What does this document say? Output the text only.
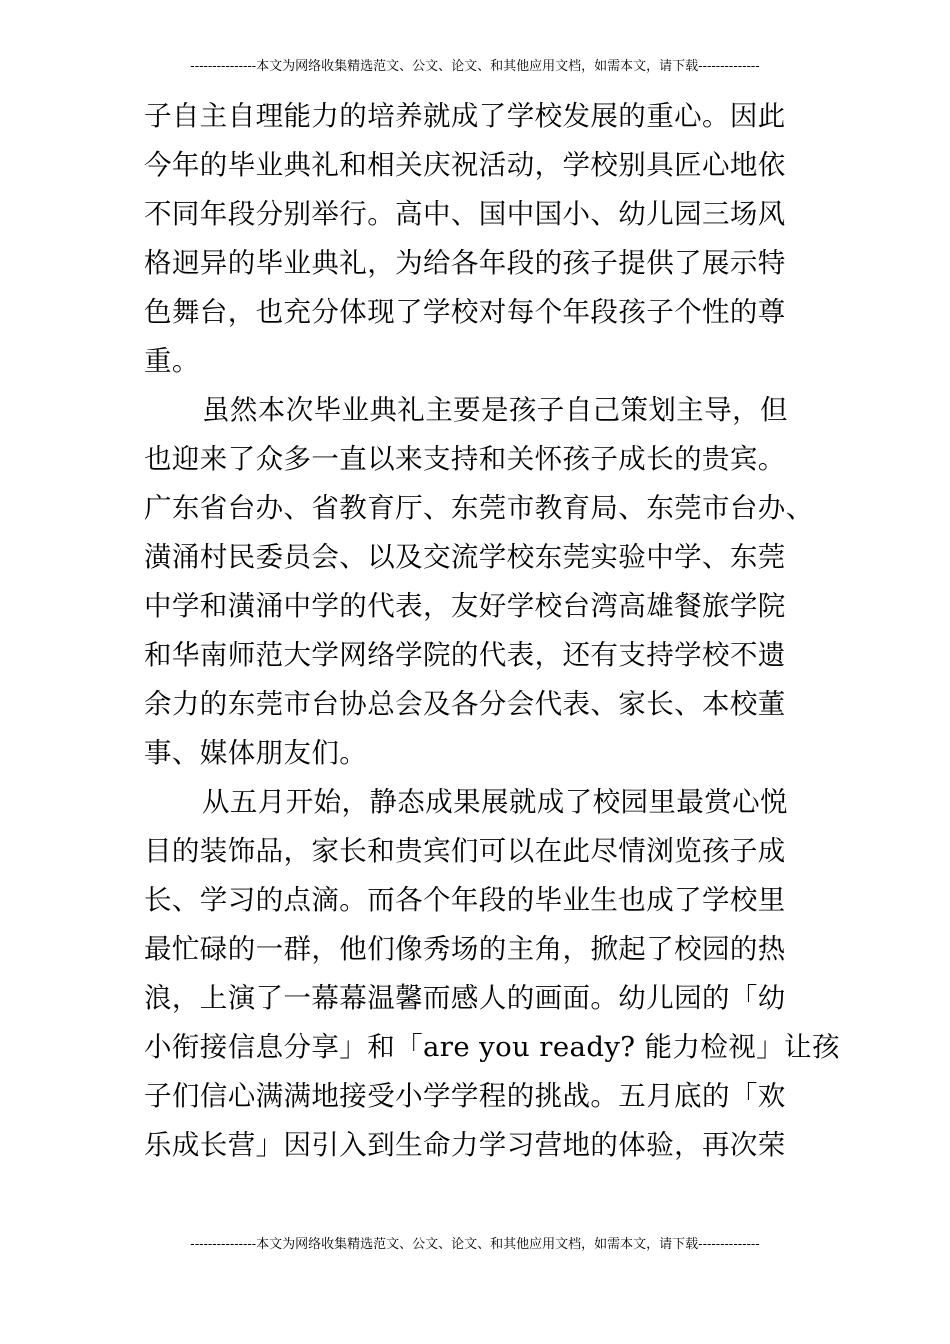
---------------本文为网络收集精选范文、公文、论文、和其他应用文档，如需本文，请下载--------------
子自主自理能力的培养就成了学校发展的重心。因此
今年的毕业典礼和相关庆祝活动，学校别具匠心地依
不同年段分别举行。高中、国中国小、幼儿园三场风
格迥异的毕业典礼，为给各年段的孩子提供了展示特
色舞台，也充分体现了学校对每个年段孩子个性的尊
重。
虽然本次毕业典礼主要是孩子自己策划主导，但
也迎来了众多一直以来支持和关怀孩子成长的贵宾。
广东省台办、省教育厅、东莞市教育局、东莞市台办、
潢涌村民委员会、以及交流学校东莞实验中学、东莞
中学和潢涌中学的代表，友好学校台湾高雄餐旅学院
和华南师范大学网络学院的代表，还有支持学校不遗
余力的东莞市台协总会及各分会代表、家长、本校董
事、媒体朋友们。
从五月开始，静态成果展就成了校园里最赏心悦
目的装饰品，家长和贵宾们可以在此尽情浏览孩子成
长、学习的点滴。而各个年段的毕业生也成了学校里
最忙碌的一群，他们像秀场的主角，掀起了校园的热
浪，上演了一幕幕温馨而感人的画面。幼儿园的「幼
小衔接信息分享」和「are you ready? 能力检视」让孩
子们信心满满地接受小学学程的挑战。五月底的「欢
乐成长营」因引入到生命力学习营地的体验，再次荣
---------------本文为网络收集精选范文、公文、论文、和其他应用文档，如需本文，请下载--------------
